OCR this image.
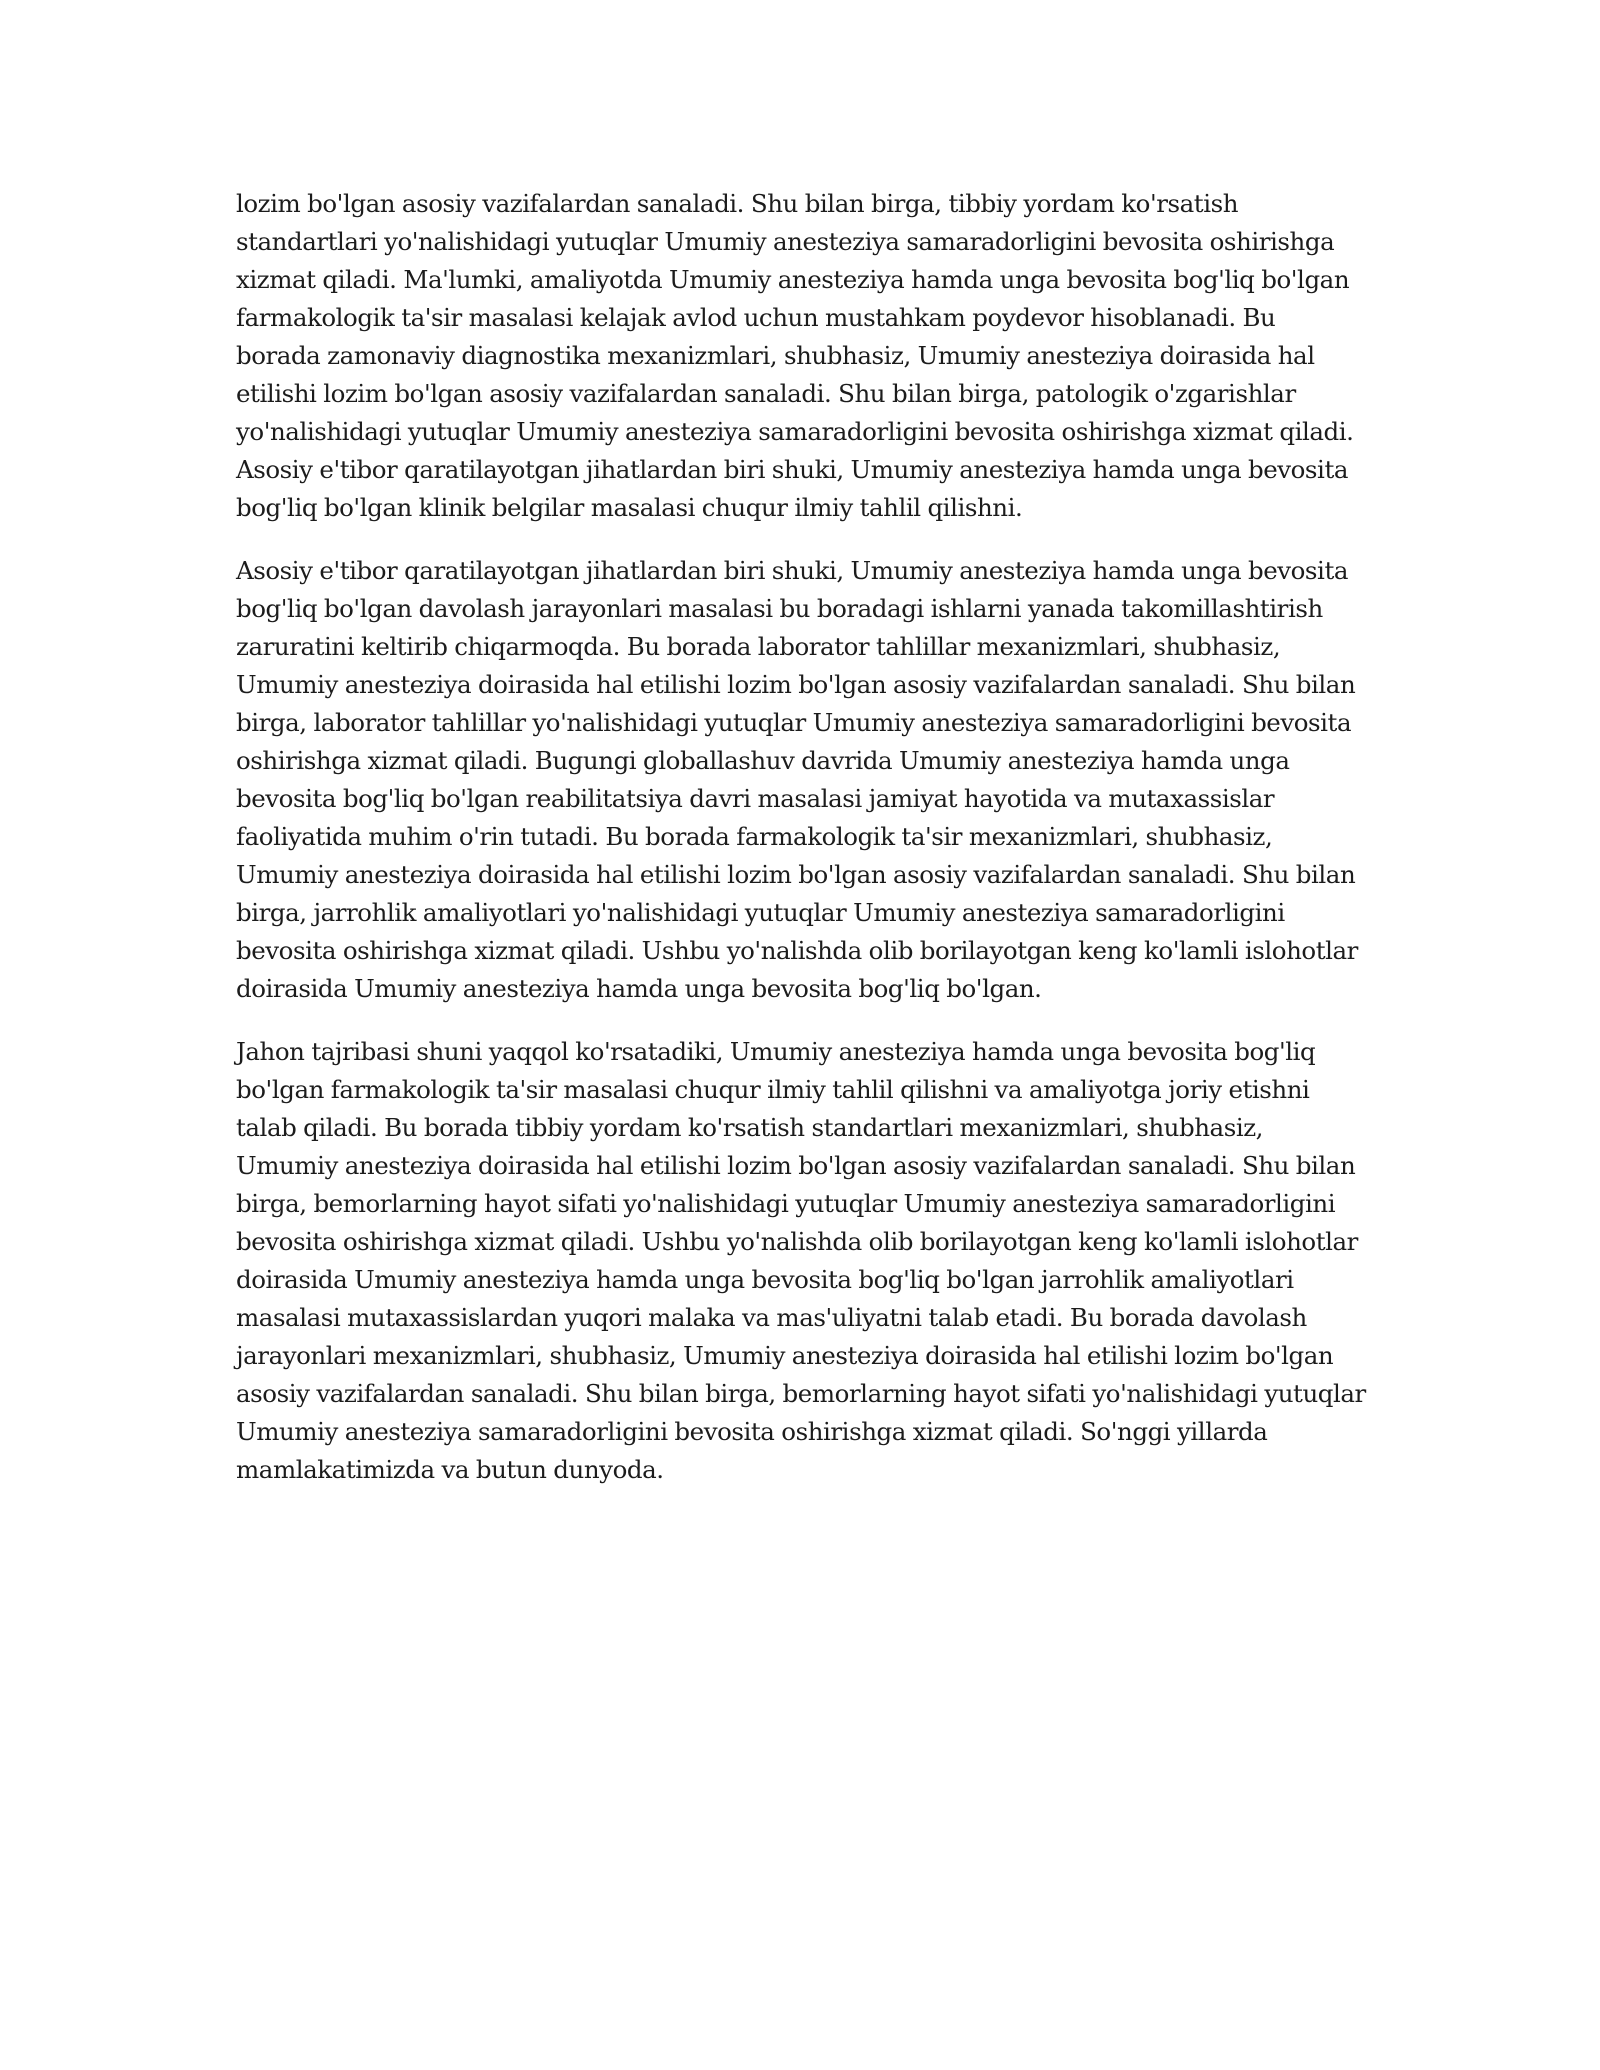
lozim bo'lgan asosiy vazifalardan sanaladi. Shu bilan birga, tibbiy yordam ko'rsatish standartlari yo'nalishidagi yutuqlar Umumiy anesteziya samaradorligini bevosita oshirishga xizmat qiladi. Ma'lumki, amaliyotda Umumiy anesteziya hamda unga bevosita bog'liq bo'lgan farmakologik ta'sir masalasi kelajak avlod uchun mustahkam poydevor hisoblanadi. Bu borada zamonaviy diagnostika mexanizmlari, shubhasiz, Umumiy anesteziya doirasida hal etilishi lozim bo'lgan asosiy vazifalardan sanaladi. Shu bilan birga, patologik o'zgarishlar yo'nalishidagi yutuqlar Umumiy anesteziya samaradorligini bevosita oshirishga xizmat qiladi. Asosiy e'tibor qaratilayotgan jihatlardan biri shuki, Umumiy anesteziya hamda unga bevosita bog'liq bo'lgan klinik belgilar masalasi chuqur ilmiy tahlil qilishni.

Asosiy e'tibor qaratilayotgan jihatlardan biri shuki, Umumiy anesteziya hamda unga bevosita bog'liq bo'lgan davolash jarayonlari masalasi bu boradagi ishlarni yanada takomillashtirish zaruratini keltirib chiqarmoqda. Bu borada laborator tahlillar mexanizmlari, shubhasiz, Umumiy anesteziya doirasida hal etilishi lozim bo'lgan asosiy vazifalardan sanaladi. Shu bilan birga, laborator tahlillar yo'nalishidagi yutuqlar Umumiy anesteziya samaradorligini bevosita oshirishga xizmat qiladi. Bugungi globallashuv davrida Umumiy anesteziya hamda unga bevosita bog'liq bo'lgan reabilitatsiya davri masalasi jamiyat hayotida va mutaxassislar faoliyatida muhim o'rin tutadi. Bu borada farmakologik ta'sir mexanizmlari, shubhasiz, Umumiy anesteziya doirasida hal etilishi lozim bo'lgan asosiy vazifalardan sanaladi. Shu bilan birga, jarrohlik amaliyotlari yo'nalishidagi yutuqlar Umumiy anesteziya samaradorligini bevosita oshirishga xizmat qiladi. Ushbu yo'nalishda olib borilayotgan keng ko'lamli islohotlar doirasida Umumiy anesteziya hamda unga bevosita bog'liq bo'lgan.

Jahon tajribasi shuni yaqqol ko'rsatadiki, Umumiy anesteziya hamda unga bevosita bog'liq bo'lgan farmakologik ta'sir masalasi chuqur ilmiy tahlil qilishni va amaliyotga joriy etishni talab qiladi. Bu borada tibbiy yordam ko'rsatish standartlari mexanizmlari, shubhasiz, Umumiy anesteziya doirasida hal etilishi lozim bo'lgan asosiy vazifalardan sanaladi. Shu bilan birga, bemorlarning hayot sifati yo'nalishidagi yutuqlar Umumiy anesteziya samaradorligini bevosita oshirishga xizmat qiladi. Ushbu yo'nalishda olib borilayotgan keng ko'lamli islohotlar doirasida Umumiy anesteziya hamda unga bevosita bog'liq bo'lgan jarrohlik amaliyotlari masalasi mutaxassislardan yuqori malaka va mas'uliyatni talab etadi. Bu borada davolash jarayonlari mexanizmlari, shubhasiz, Umumiy anesteziya doirasida hal etilishi lozim bo'lgan asosiy vazifalardan sanaladi. Shu bilan birga, bemorlarning hayot sifati yo'nalishidagi yutuqlar Umumiy anesteziya samaradorligini bevosita oshirishga xizmat qiladi. So'nggi yillarda mamlakatimizda va butun dunyoda.
